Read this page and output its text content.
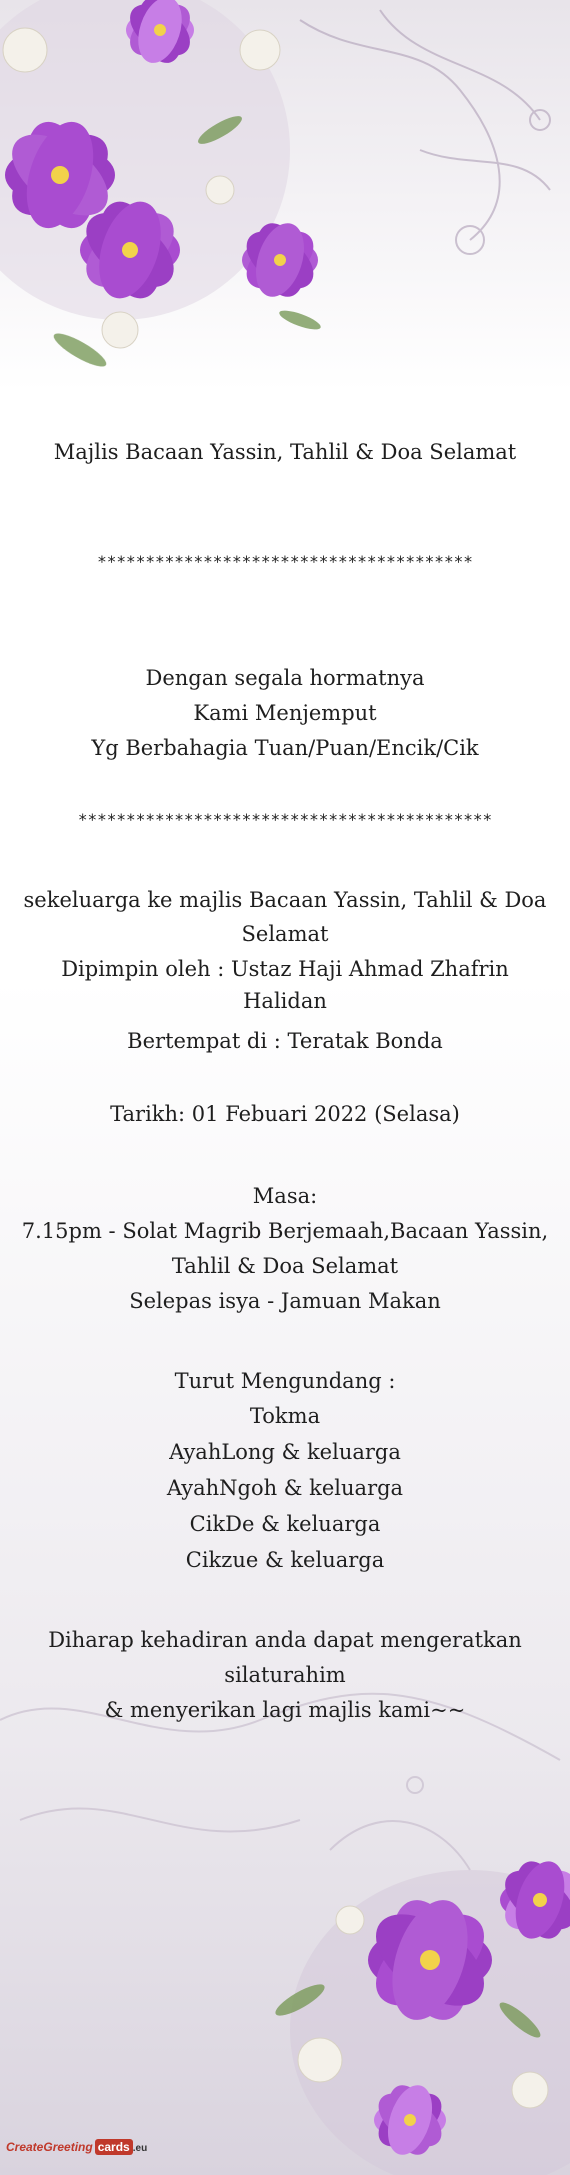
Majlis Bacaan Yassin, Tahlil & Doa Selamat
***************************************
Dengan segala hormatnya
Kami Menjemput
Yg Berbahagia Tuan/Puan/Encik/Cik
*******************************************
sekeluarga ke majlis Bacaan Yassin, Tahlil & Doa
Selamat
Dipimpin oleh : Ustaz Haji Ahmad Zhafrin Halidan
Bertempat di : Teratak Bonda
Tarikh: 01 Febuari 2022 (Selasa)
Masa:
7.15pm - Solat Magrib Berjemaah,Bacaan Yassin,
Tahlil & Doa Selamat
Selepas isya - Jamuan Makan
Turut Mengundang :
Tokma
AyahLong & keluarga
AyahNgoh & keluarga
CikDe & keluarga
Cikzue & keluarga
Diharap kehadiran anda dapat mengeratkan
silaturahim
& menyerikan lagi majlis kami~~
CreateGreeting cards .eu
